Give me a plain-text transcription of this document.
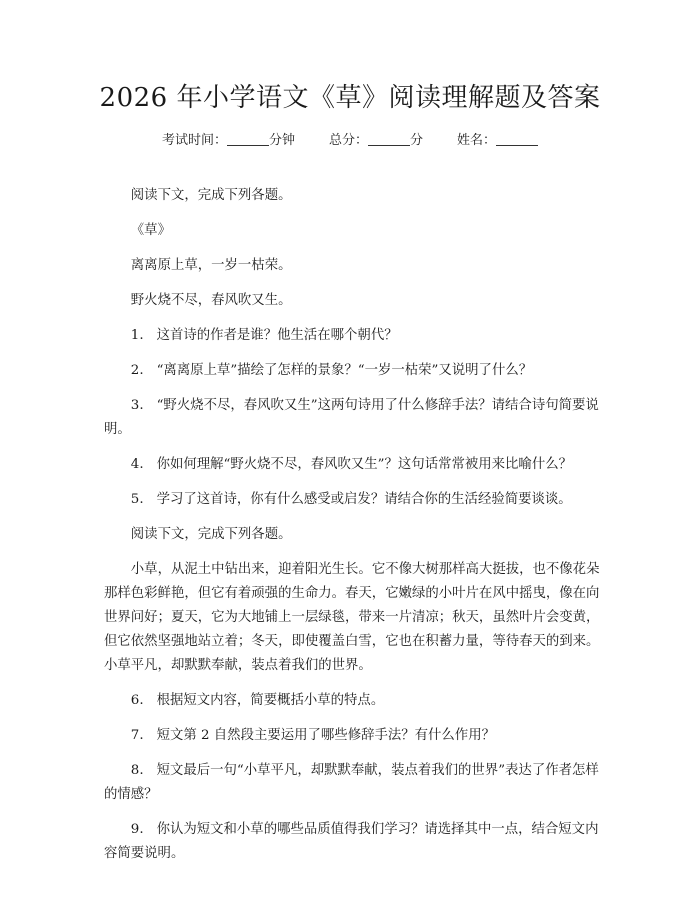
2026 年小学语文《草》阅读理解题及答案
考试时间：	分钟	总分：	分	姓名：

阅读下文，完成下列各题。

《草》

离离原上草，一岁一枯荣。

野火烧不尽，春风吹又生。

1. 这首诗的作者是谁？他生活在哪个朝代？

2. “离离原上草”描绘了怎样的景象？“一岁一枯荣”又说明了什么？

3. “野火烧不尽，春风吹又生”这两句诗用了什么修辞手法？请结合诗句简要说明。

4. 你如何理解“野火烧不尽，春风吹又生”？这句话常常被用来比喻什么？

5. 学习了这首诗，你有什么感受或启发？请结合你的生活经验简要谈谈。

阅读下文，完成下列各题。

小草，从泥土中钻出来，迎着阳光生长。它不像大树那样高大挺拔，也不像花朵那样色彩鲜艳，但它有着顽强的生命力。春天，它嫩绿的小叶片在风中摇曳，像在向世界问好；夏天，它为大地铺上一层绿毯，带来一片清凉；秋天，虽然叶片会变黄，但它依然坚强地站立着；冬天，即使覆盖白雪，它也在积蓄力量，等待春天的到来。小草平凡，却默默奉献，装点着我们的世界。

6. 根据短文内容，简要概括小草的特点。

7. 短文第 2 自然段主要运用了哪些修辞手法？有什么作用？

8. 短文最后一句“小草平凡，却默默奉献，装点着我们的世界”表达了作者怎样的情感？

9. 你认为短文和小草的哪些品质值得我们学习？请选择其中一点，结合短文内容简要说明。
